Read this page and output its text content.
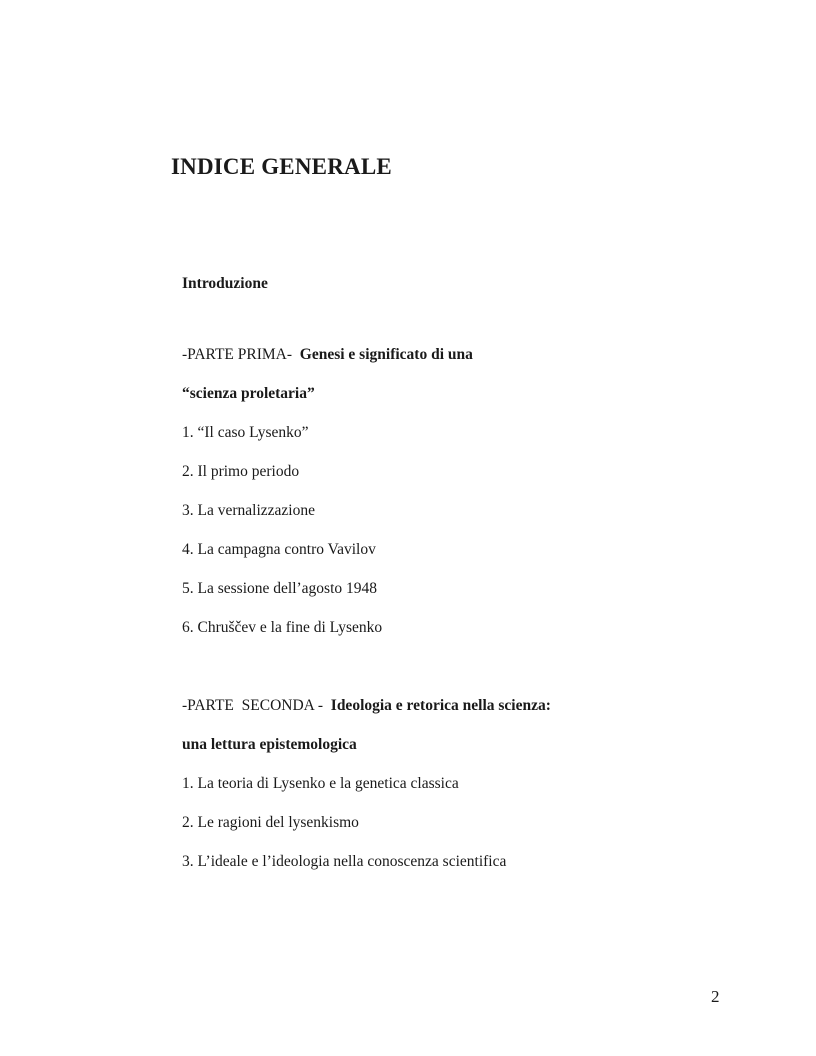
INDICE GENERALE
Introduzione
-PARTE PRIMA-  Genesi e significato di una
“scienza proletaria”
1. “Il caso Lysenko”
2. Il primo periodo
3. La vernalizzazione
4. La campagna contro Vavilov
5. La sessione dell’agosto 1948
6. Chruščev e la fine di Lysenko
-PARTE  SECONDA -  Ideologia e retorica nella scienza:
una lettura epistemologica
1. La teoria di Lysenko e la genetica classica
2. Le ragioni del lysenkismo
3. L’ideale e l’ideologia nella conoscenza scientifica
2
